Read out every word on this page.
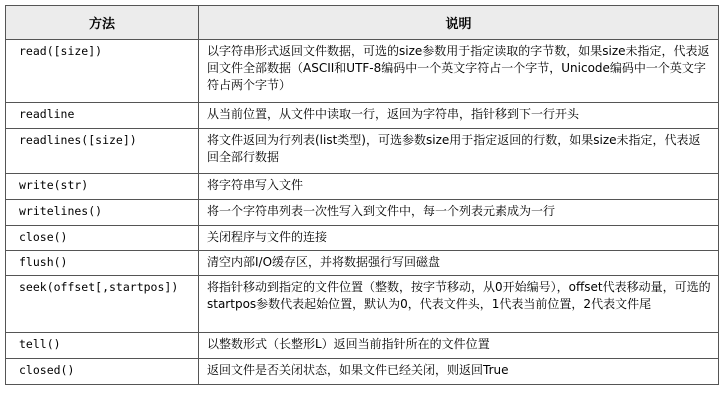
方法	说明
read([size])	以字符串形式返回文件数据，可选的size参数用于指定读取的字节数，如果size未指定，代表返回文件全部数据（ASCII和UTF-8编码中一个英文字符占一个字节，Unicode编码中一个英文字符占两个字节）
readline	从当前位置，从文件中读取一行，返回为字符串，指针移到下一行开头
readlines([size])	将文件返回为行列表(list类型)，可选参数size用于指定返回的行数，如果size未指定，代表返回全部行数据
write(str)	将字符串写入文件
writelines()	将一个字符串列表一次性写入到文件中，每一个列表元素成为一行
close()	关闭程序与文件的连接
flush()	清空内部I/O缓存区，并将数据强行写回磁盘
seek(offset[,startpos])	将指针移动到指定的文件位置（整数，按字节移动，从0开始编号），offset代表移动量，可选的startpos参数代表起始位置，默认为0，代表文件头，1代表当前位置，2代表文件尾
tell()	以整数形式（长整形L）返回当前指针所在的文件位置
closed()	返回文件是否关闭状态，如果文件已经关闭，则返回True
